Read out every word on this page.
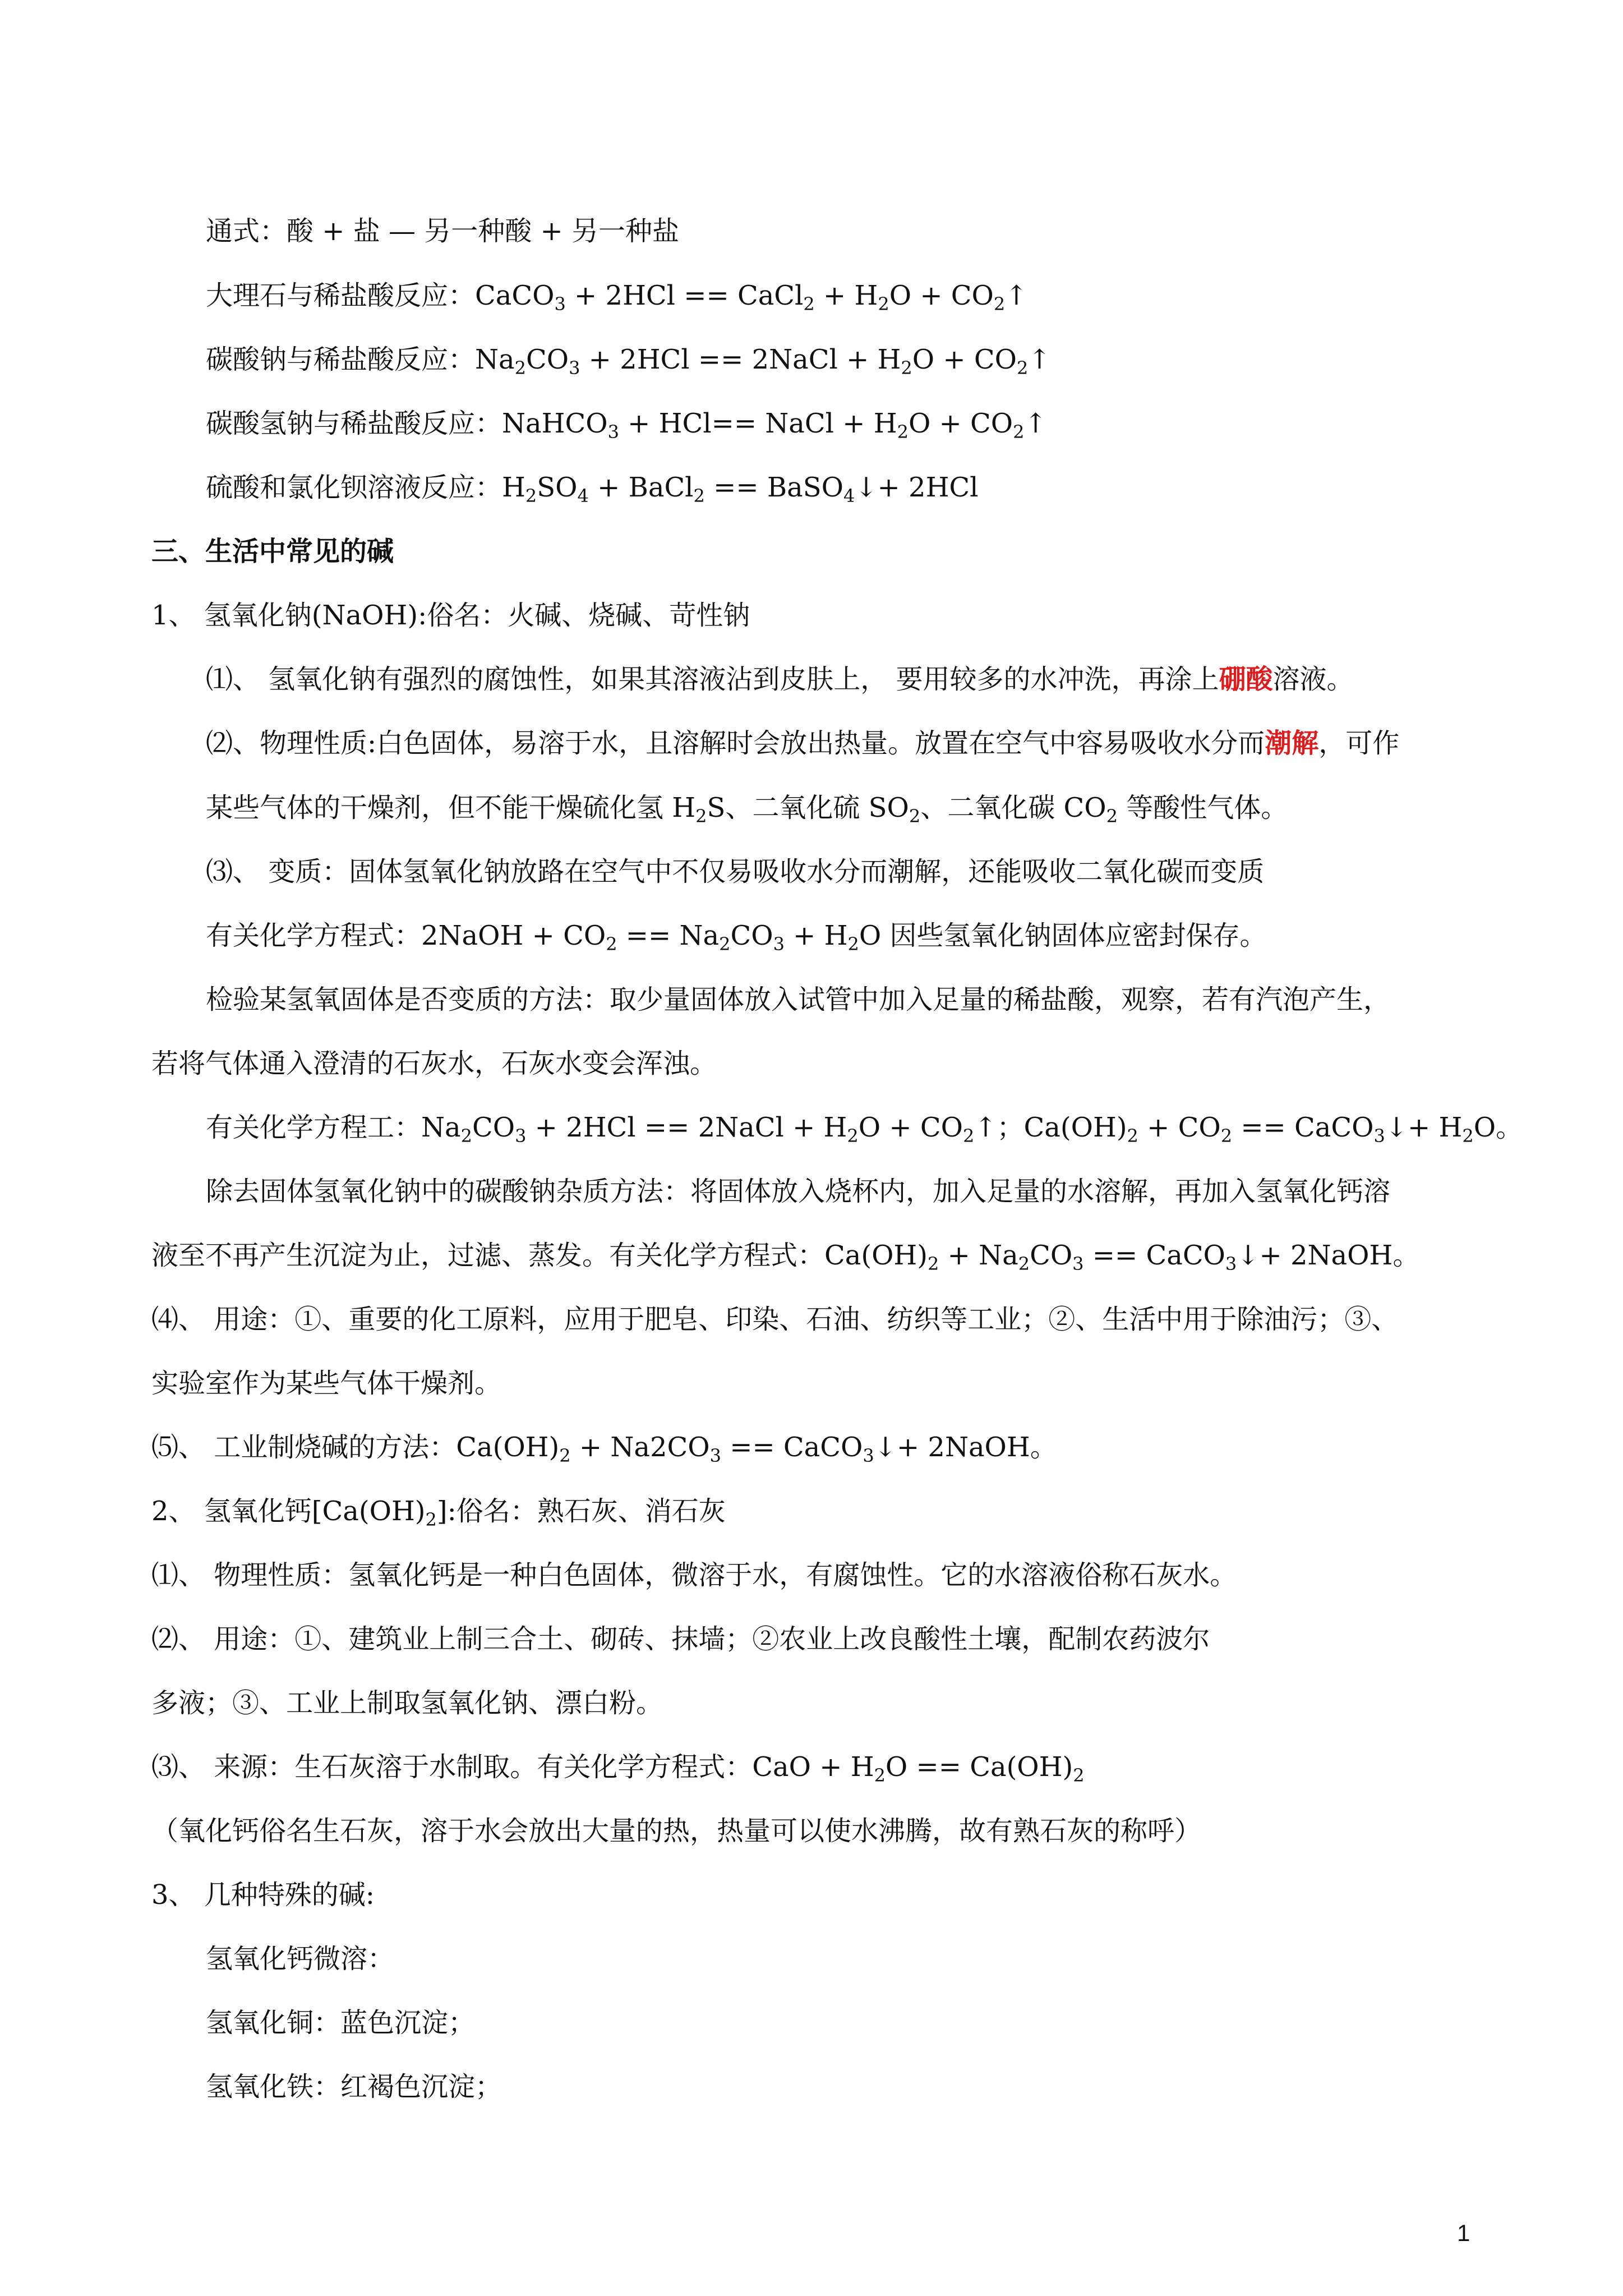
通式：酸 + 盐 — 另一种酸 + 另一种盐

大理石与稀盐酸反应：CaCO$_3$ + 2HCl == CaCl$_2$ + $H_2O$ + $CO_2↑$

碳酸钠与稀盐酸反应：$Na_2CO_3 + 2HCl$ == 2NaCl + $H_2O$ + $CO_2↑$

碳酸氢钠与稀盐酸反应：NaHCO$_3$ + HCl== NaCl + $H_2O$ + $CO_2↑$

硫酸和氯化钡溶液反应：$H_2SO_4$ + BaCl$_2$ == BaSO$_4$↓+ 2HCl

三、生活中常见的碱

1、 氢氧化钠(NaOH):俗名：火碱、烧碱、苛性钠

⑴、 氢氧化钠有强烈的腐蚀性，如果其溶液沾到皮肤上， 要用较多的水冲洗，再涂上硼酸溶液。

⑵、物理性质:白色固体，易溶于水，且溶解时会放出热量。放置在空气中容易吸收水分而潮解，可作

某些气体的干燥剂，但不能干燥硫化氢 $H_2S$、二氧化硫 $SO_2$、二氧化碳 $CO_2$ 等酸性气体。

⑶、 变质：固体氢氧化钠放路在空气中不仅易吸收水分而潮解，还能吸收二氧化碳而变质

有关化学方程式：2NaOH + $CO_2 == Na_2CO_3 + H_2O$ 因些氢氧化钠固体应密封保存。

检验某氢氧固体是否变质的方法：取少量固体放入试管中加入足量的稀盐酸，观察，若有汽泡产生，

若将气体通入澄清的石灰水，石灰水变会浑浊。

有关化学方程工：$Na_2CO_3 + 2HCl$ == 2NaCl + $H_2O$ + $CO_2↑$；$Ca(OH)_2 + CO_2$ == CaCO$_3$↓+ $H_2O$。

除去固体氢氧化钠中的碳酸钠杂质方法：将固体放入烧杯内，加入足量的水溶解，再加入氢氧化钙溶

液至不再产生沉淀为止，过滤、蒸发。有关化学方程式：$Ca(OH)_2 + Na_2CO_3$ == CaCO$_3$↓+ 2NaOH。

⑷、 用途：①、重要的化工原料，应用于肥皂、印染、石油、纺织等工业；②、生活中用于除油污；③、

实验室作为某些气体干燥剂。

⑸、 工业制烧碱的方法：$Ca(OH)_2 + Na2CO_3$ == CaCO$_3$↓+ 2NaOH。

2、 氢氧化钙$[Ca(OH)_2]$:俗名：熟石灰、消石灰

⑴、 物理性质：氢氧化钙是一种白色固体，微溶于水，有腐蚀性。它的水溶液俗称石灰水。

⑵、 用途：①、建筑业上制三合土、砌砖、抹墙；②农业上改良酸性土壤，配制农药波尔

多液；③、工业上制取氢氧化钠、漂白粉。

⑶、 来源：生石灰溶于水制取。有关化学方程式：CaO + $H_2O == Ca(OH)_2$

（氧化钙俗名生石灰，溶于水会放出大量的热，热量可以使水沸腾，故有熟石灰的称呼）

3、 几种特殊的碱:

氢氧化钙微溶：

氢氧化铜：蓝色沉淀；

氢氧化铁：红褐色沉淀；

1
